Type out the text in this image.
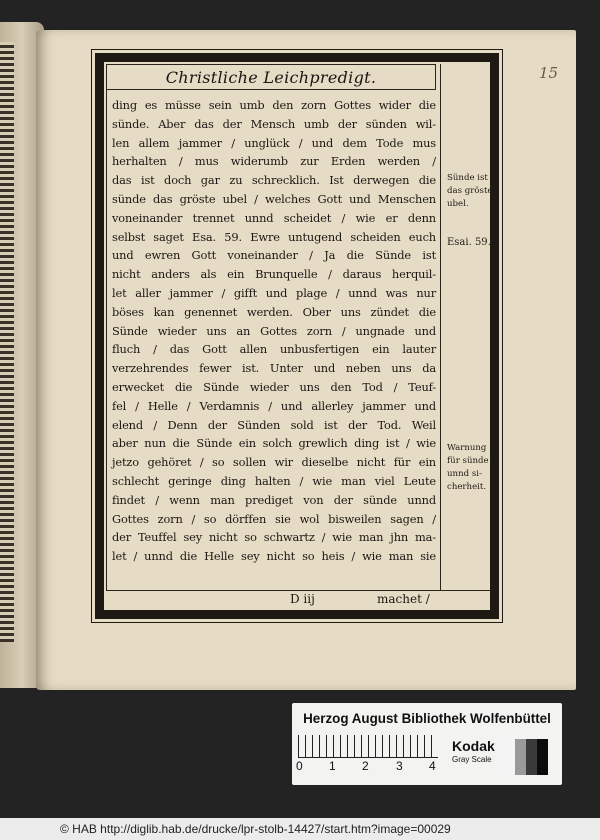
15
Christliche Leichpredigt.
ding es müsse sein umb den zorn Gottes wider die
sünde. Aber das der Mensch umb der sünden wil-
len allem jammer / unglück / und dem Tode mus
herhalten / mus widerumb zur Erden werden /
das ist doch gar zu schrecklich. Ist derwegen die
sünde das gröste ubel / welches Gott und Menschen
voneinander trennet unnd scheidet / wie er denn
selbst saget Esa. 59. Ewre untugend scheiden euch
und ewren Gott voneinander / Ja die Sünde ist
nicht anders als ein Brunquelle / daraus herquil-
let aller jammer / gifft und plage / unnd was nur
böses kan genennet werden. Ober uns zündet die
Sünde wieder uns an Gottes zorn / ungnade und
fluch / das Gott allen unbusfertigen ein lauter
verzehrendes fewer ist. Unter und neben uns da
erwecket die Sünde wieder uns den Tod / Teuf-
fel / Helle / Verdamnis / und allerley jammer und
elend / Denn der Sünden sold ist der Tod. Weil
aber nun die Sünde ein solch grewlich ding ist / wie
jetzo gehöret / so sollen wir dieselbe nicht für ein
schlecht geringe ding halten / wie man viel Leute
findet / wenn man prediget von der sünde unnd
Gottes zorn / so dörffen sie wol bisweilen sagen /
der Teuffel sey nicht so schwartz / wie man jhn ma-
let / unnd die Helle sey nicht so heis / wie man sie
Sünde ist
das gröste
ubel.
Esai. 59.
Warnung
für sünde
unnd si-
cherheit.
D iij	machet /
Herzog August Bibliothek Wolfenbüttel
0 1 2 3 4
Kodak
Gray Scale
© HAB http://diglib.hab.de/drucke/lpr-stolb-14427/start.htm?image=00029
